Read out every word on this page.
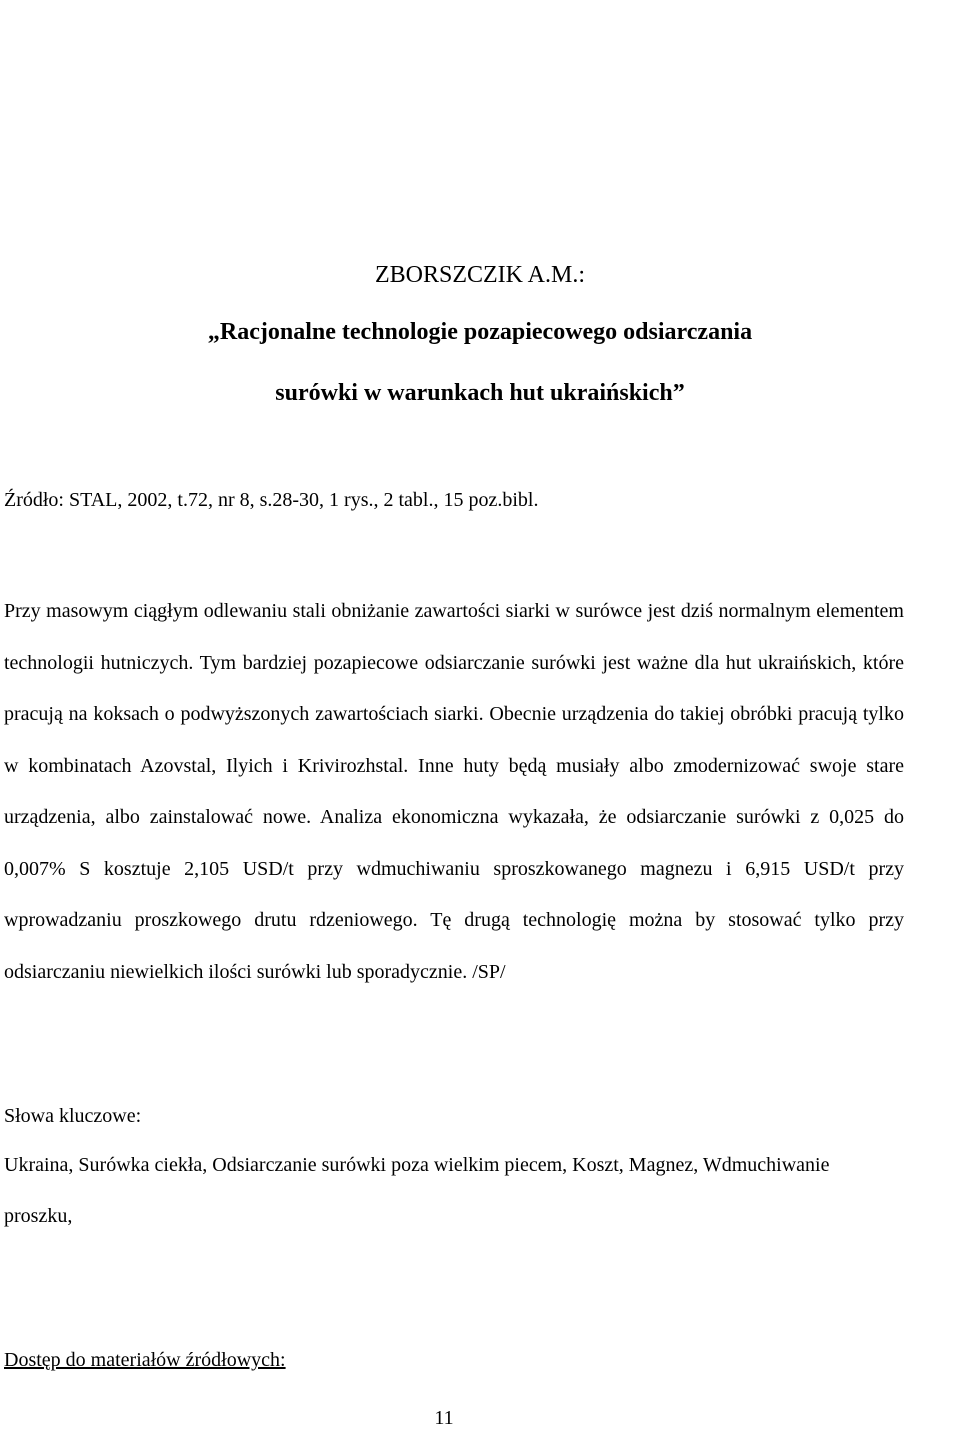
ZBORSZCZIK A.M.:
„Racjonalne technologie pozapiecowego odsiarczania
surówki w warunkach hut ukraińskich”
Źródło: STAL, 2002, t.72, nr 8, s.28-30, 1 rys., 2 tabl., 15 poz.bibl.

Przy masowym ciągłym odlewaniu stali obniżanie zawartości siarki w surówce jest dziś normalnym elementem technologii hutniczych. Tym bardziej pozapiecowe odsiarczanie surówki jest ważne dla hut ukraińskich, które pracują na koksach o podwyższonych zawartościach siarki. Obecnie urządzenia do takiej obróbki pracują tylko w kombinatach Azovstal, Ilyich i Krivirozhstal. Inne huty będą musiały albo zmodernizować swoje stare urządzenia, albo zainstalować nowe. Analiza ekonomiczna wykazała, że odsiarczanie surówki z 0,025 do 0,007% S kosztuje 2,105 USD/t przy wdmuchiwaniu sproszkowanego magnezu i 6,915 USD/t przy wprowadzaniu proszkowego drutu rdzeniowego. Tę drugą technologię można by stosować tylko przy odsiarczaniu niewielkich ilości surówki lub sporadycznie. /SP/

Słowa kluczowe:

Ukraina, Surówka ciekła, Odsiarczanie surówki poza wielkim piecem, Koszt, Magnez, Wdmuchiwanie proszku,

Dostęp do materiałów źródłowych:
11
